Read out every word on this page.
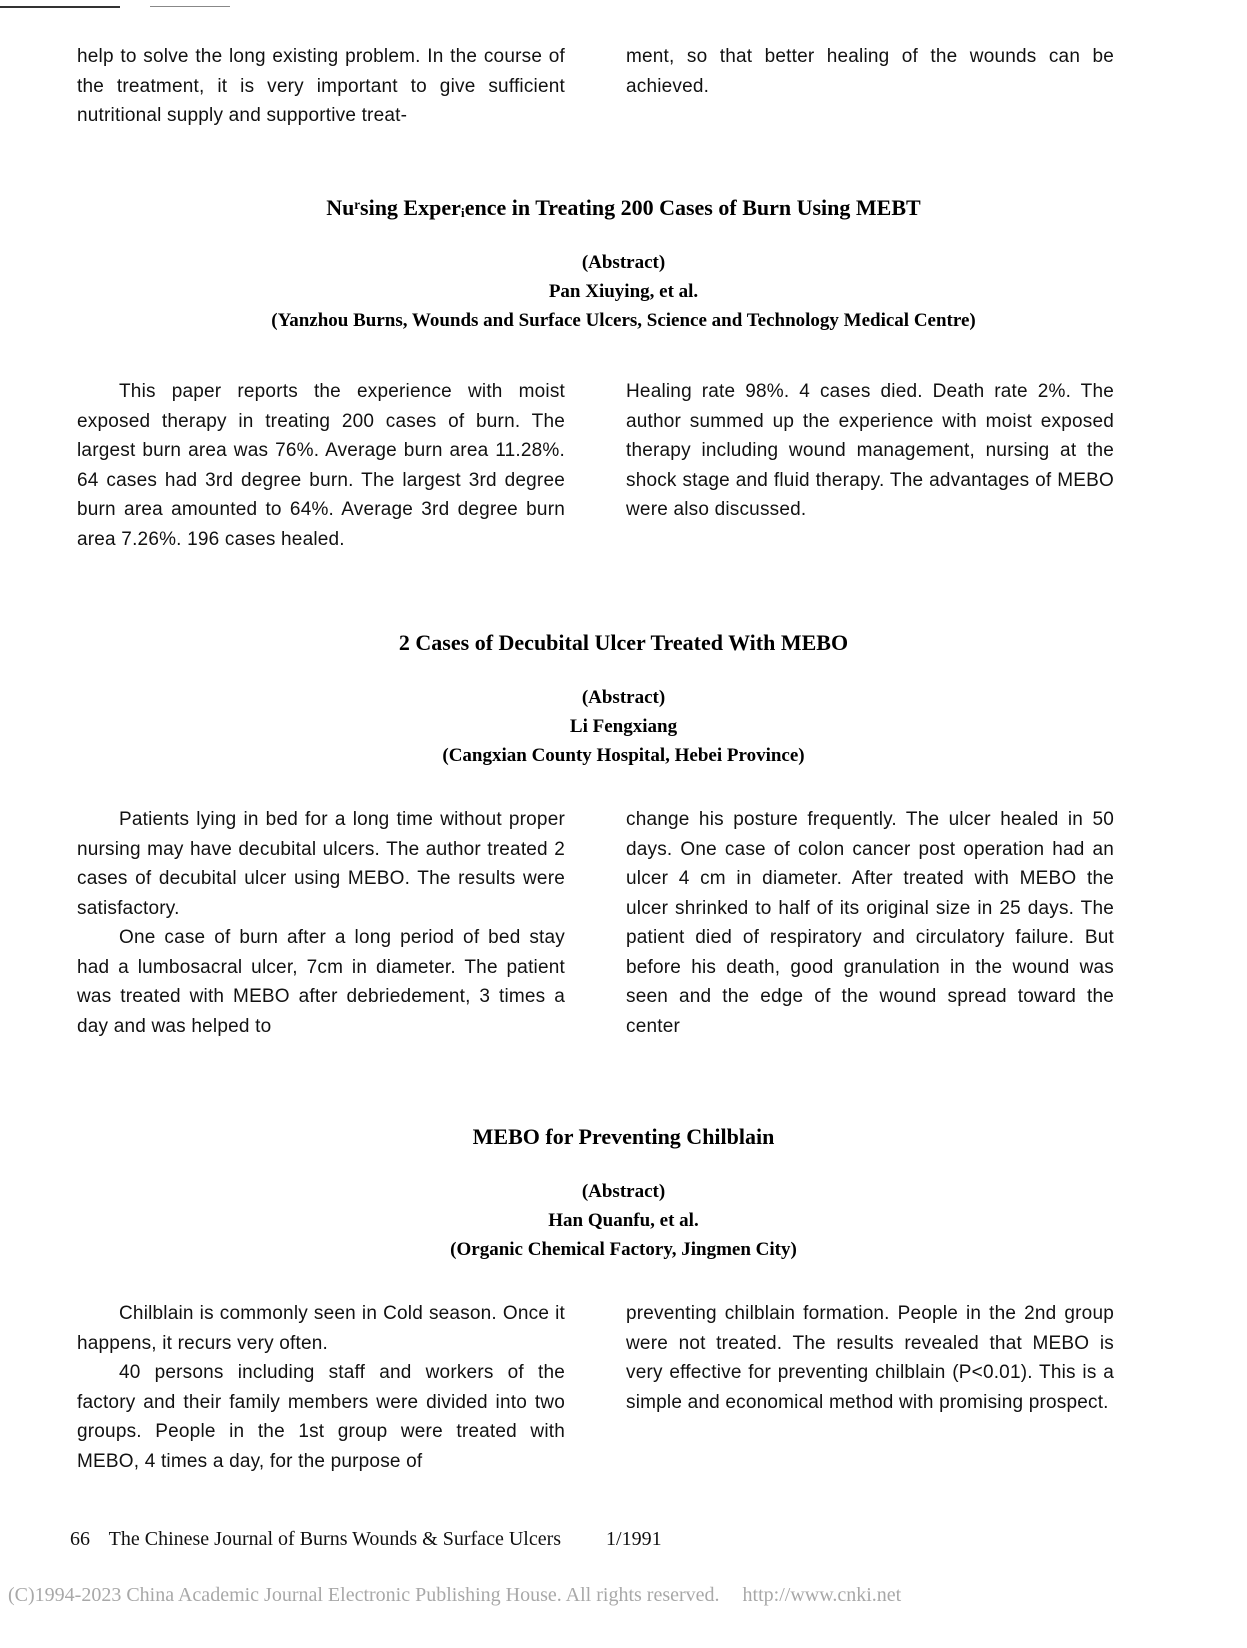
help to solve the long existing problem. In the course of the treatment, it is very important to give sufficient nutritional supply and supportive treat-

ment, so that better healing of the wounds can be achieved.

Nuʳsing Experᵢence in Treating 200 Cases of Burn Using MEBT
(Abstract)
Pan Xiuying, et al.
(Yanzhou Burns, Wounds and Surface Ulcers, Science and Technology Medical Centre)

This paper reports the experience with moist exposed therapy in treating 200 cases of burn. The largest burn area was 76%. Average burn area 11.28%. 64 cases had 3rd degree burn. The largest 3rd degree burn area amounted to 64%. Average 3rd degree burn area 7.26%. 196 cases healed.

Healing rate 98%. 4 cases died. Death rate 2%. The author summed up the experience with moist exposed therapy including wound management, nursing at the shock stage and fluid therapy. The advantages of MEBO were also discussed.

2 Cases of Decubital Ulcer Treated With MEBO
(Abstract)
Li Fengxiang
(Cangxian County Hospital, Hebei Province)

Patients lying in bed for a long time without proper nursing may have decubital ulcers. The author treated 2 cases of decubital ulcer using MEBO. The results were satisfactory.

One case of burn after a long period of bed stay had a lumbosacral ulcer, 7cm in diameter. The patient was treated with MEBO after debriedement, 3 times a day and was helped to

change his posture frequently. The ulcer healed in 50 days. One case of colon cancer post operation had an ulcer 4 cm in diameter. After treated with MEBO the ulcer shrinked to half of its original size in 25 days. The patient died of respiratory and circulatory failure. But before his death, good granulation in the wound was seen and the edge of the wound spread toward the center

MEBO for Preventing Chilblain
(Abstract)
Han Quanfu, et al.
(Organic Chemical Factory, Jingmen City)

Chilblain is commonly seen in Cold season. Once it happens, it recurs very often.

40 persons including staff and workers of the factory and their family members were divided into two groups. People in the 1st group were treated with MEBO, 4 times a day, for the purpose of

preventing chilblain formation. People in the 2nd group were not treated. The results revealed that MEBO is very effective for preventing chilblain (P<0.01). This is a simple and economical method with promising prospect.

66 The Chinese Journal of Burns Wounds & Surface Ulcers 1/1991
(C)1994-2023 China Academic Journal Electronic Publishing House. All rights reserved. http://www.cnki.net
